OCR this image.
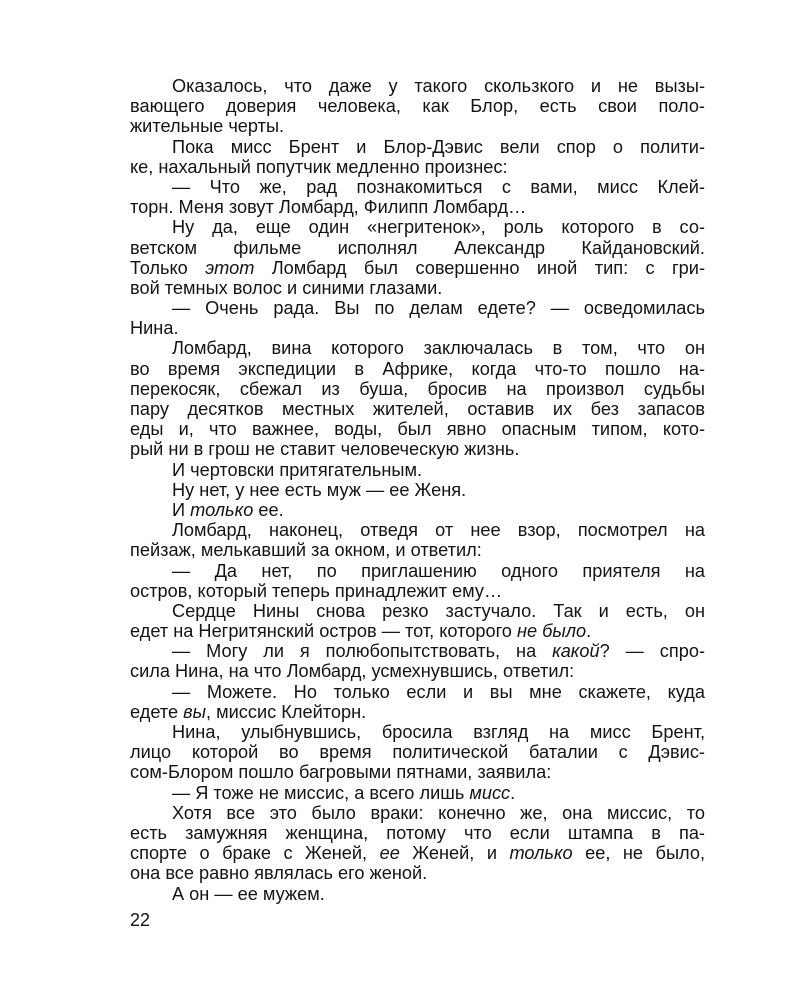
Оказалось, что даже у такого скользкого и не вызы-
вающего доверия человека, как Блор, есть свои поло-
жительные черты.
Пока мисс Брент и Блор-Дэвис вели спор о полити-
ке, нахальный попутчик медленно произнес:
— Что же, рад познакомиться с вами, мисс Клей-
торн. Меня зовут Ломбард, Филипп Ломбард…
Ну да, еще один «негритенок», роль которого в со-
ветском фильме исполнял Александр Кайдановский.
Только этот Ломбард был совершенно иной тип: с гри-
вой темных волос и синими глазами.
— Очень рада. Вы по делам едете? — осведомилась
Нина.
Ломбард, вина которого заключалась в том, что он
во время экспедиции в Африке, когда что-то пошло на-
перекосяк, сбежал из буша, бросив на произвол судьбы
пару десятков местных жителей, оставив их без запасов
еды и, что важнее, воды, был явно опасным типом, кото-
рый ни в грош не ставит человеческую жизнь.
И чертовски притягательным.
Ну нет, у нее есть муж — ее Женя.
И только ее.
Ломбард, наконец, отведя от нее взор, посмотрел на
пейзаж, мелькавший за окном, и ответил:
— Да нет, по приглашению одного приятеля на
остров, который теперь принадлежит ему…
Сердце Нины снова резко застучало. Так и есть, он
едет на Негритянский остров — тот, которого не было.
— Могу ли я полюбопытствовать, на какой? — спро-
сила Нина, на что Ломбард, усмехнувшись, ответил:
— Можете. Но только если и вы мне скажете, куда
едете вы, миссис Клейторн.
Нина, улыбнувшись, бросила взгляд на мисс Брент,
лицо которой во время политической баталии с Дэвис-
сом-Блором пошло багровыми пятнами, заявила:
— Я тоже не миссис, а всего лишь мисс.
Хотя все это было враки: конечно же, она миссис, то
есть замужняя женщина, потому что если штампа в па-
спорте о браке с Женей, ее Женей, и только ее, не было,
она все равно являлась его женой.
А он — ее мужем.
22
